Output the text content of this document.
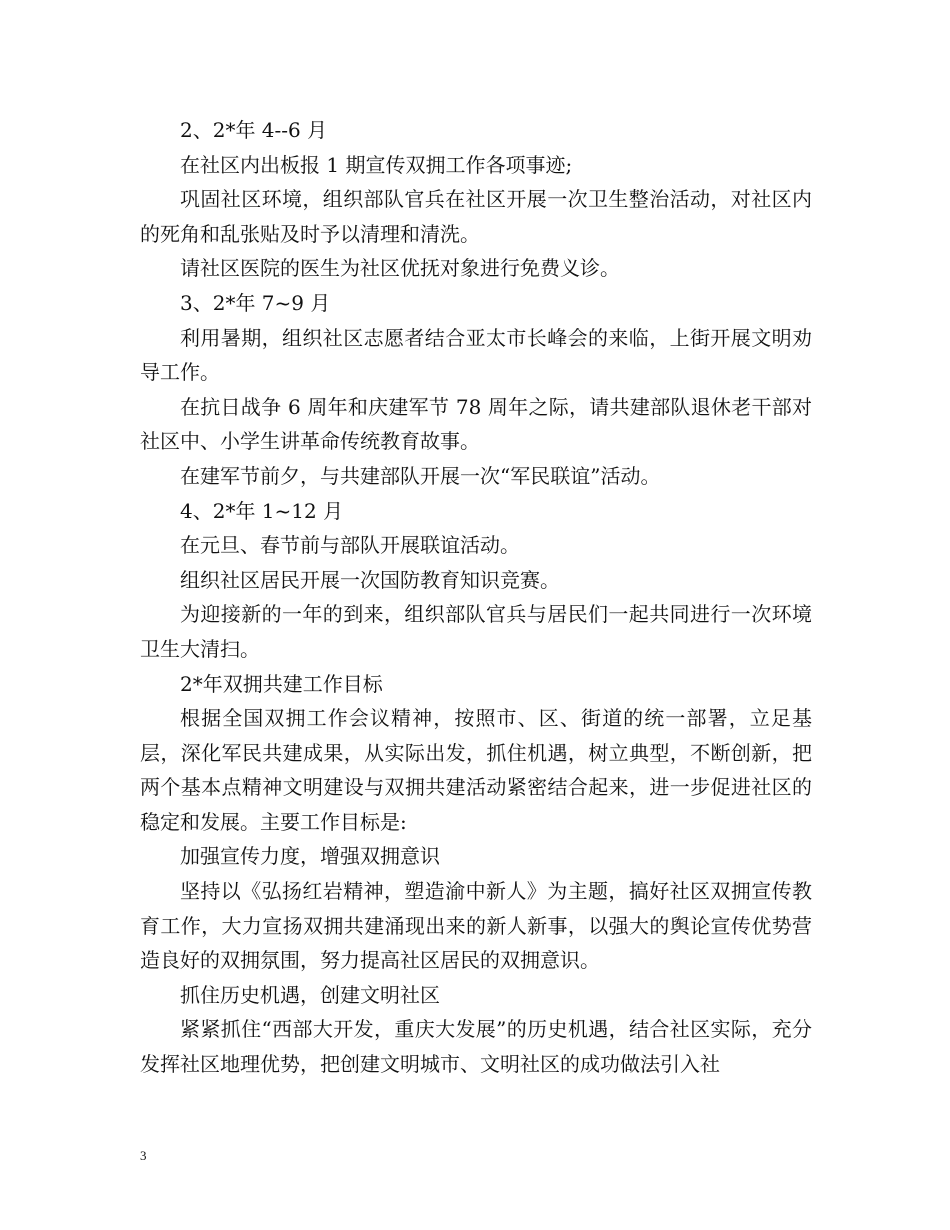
2、2*年 4--6 月

在社区内出板报 1 期宣传双拥工作各项事迹;

巩固社区环境，组织部队官兵在社区开展一次卫生整治活动，对社区内的死角和乱张贴及时予以清理和清洗。

请社区医院的医生为社区优抚对象进行免费义诊。

3、2*年 7~9 月

利用暑期，组织社区志愿者结合亚太市长峰会的来临，上街开展文明劝导工作。

在抗日战争 6 周年和庆建军节 78 周年之际，请共建部队退休老干部对社区中、小学生讲革命传统教育故事。

在建军节前夕，与共建部队开展一次“军民联谊”活动。

4、2*年 1~12 月

在元旦、春节前与部队开展联谊活动。

组织社区居民开展一次国防教育知识竞赛。

为迎接新的一年的到来，组织部队官兵与居民们一起共同进行一次环境卫生大清扫。

2*年双拥共建工作目标

根据全国双拥工作会议精神，按照市、区、街道的统一部署，立足基层，深化军民共建成果，从实际出发，抓住机遇，树立典型，不断创新，把两个基本点精神文明建设与双拥共建活动紧密结合起来，进一步促进社区的稳定和发展。主要工作目标是:

加强宣传力度，增强双拥意识

坚持以《弘扬红岩精神，塑造渝中新人》为主题，搞好社区双拥宣传教育工作，大力宣扬双拥共建涌现出来的新人新事，以强大的舆论宣传优势营造良好的双拥氛围，努力提高社区居民的双拥意识。

抓住历史机遇，创建文明社区

紧紧抓住“西部大开发，重庆大发展”的历史机遇，结合社区实际，充分发挥社区地理优势，把创建文明城市、文明社区的成功做法引入社

3
